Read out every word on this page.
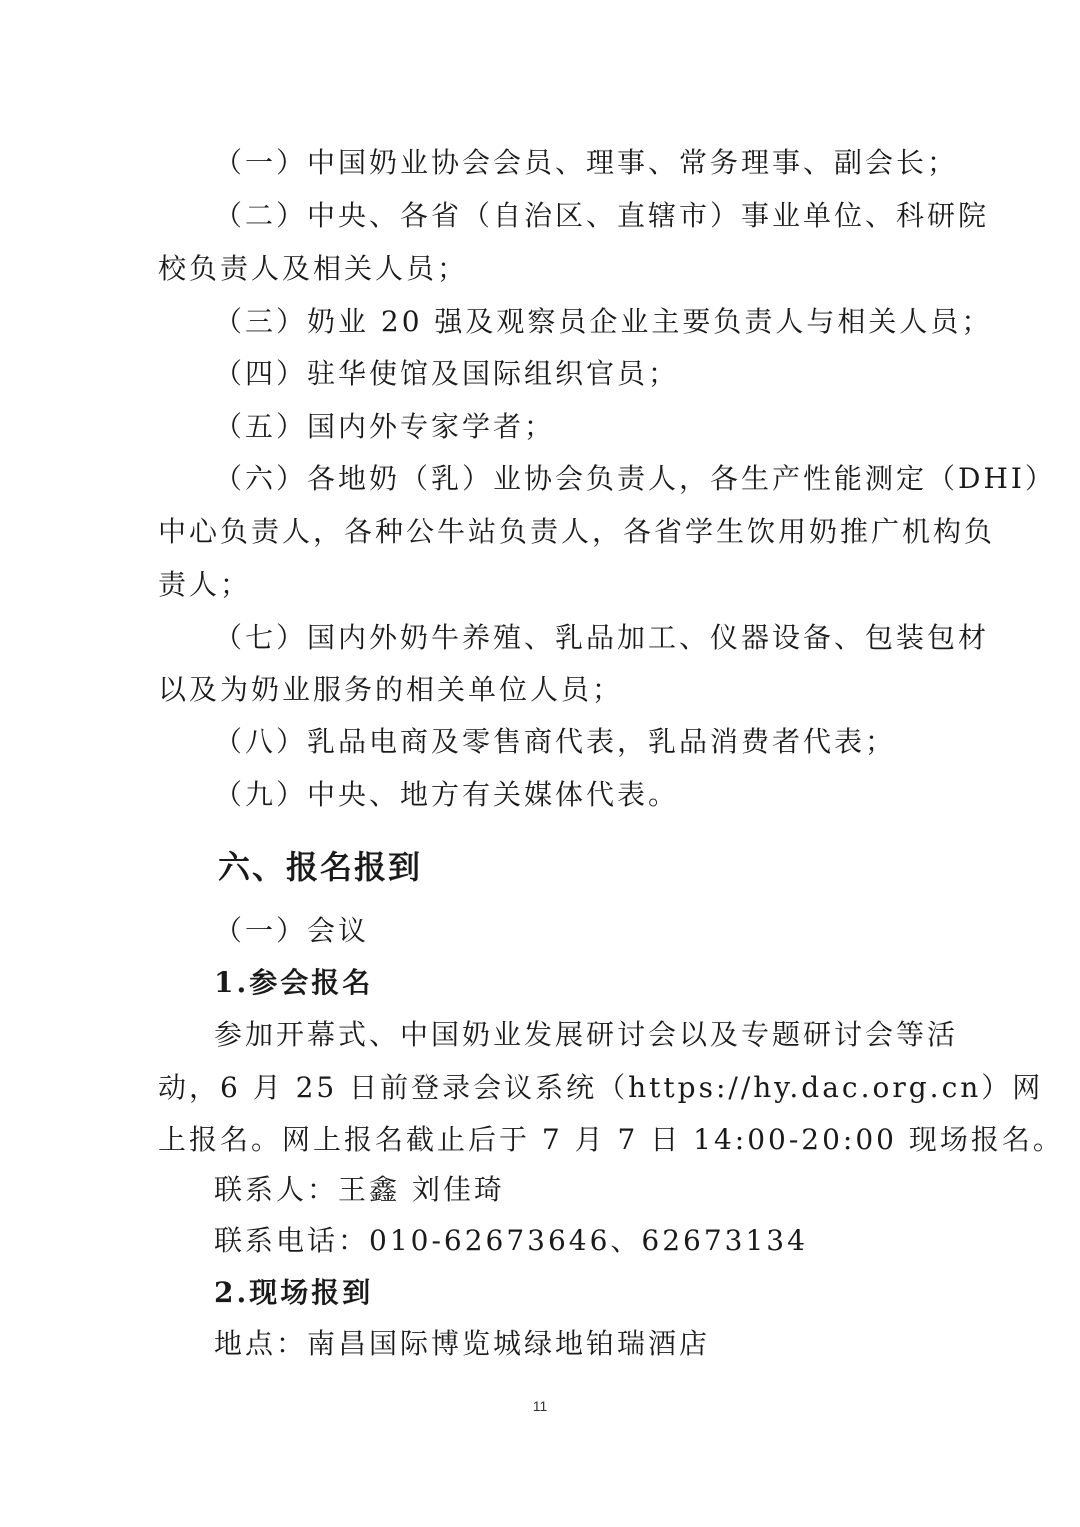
（一）中国奶业协会会员、理事、常务理事、副会长；
（二）中央、各省（自治区、直辖市）事业单位、科研院
校负责人及相关人员；
（三）奶业 20 强及观察员企业主要负责人与相关人员；
（四）驻华使馆及国际组织官员；
（五）国内外专家学者；
（六）各地奶（乳）业协会负责人，各生产性能测定（DHI）
中心负责人，各种公牛站负责人，各省学生饮用奶推广机构负
责人；
（七）国内外奶牛养殖、乳品加工、仪器设备、包装包材
以及为奶业服务的相关单位人员；
（八）乳品电商及零售商代表，乳品消费者代表；
（九）中央、地方有关媒体代表。
六、报名报到
（一）会议
1.参会报名
参加开幕式、中国奶业发展研讨会以及专题研讨会等活
动，6 月 25 日前登录会议系统（https://hy.dac.org.cn）网
上报名。网上报名截止后于 7 月 7 日 14:00-20:00 现场报名。
联系人：王鑫 刘佳琦
联系电话：010-62673646、62673134
2.现场报到
地点：南昌国际博览城绿地铂瑞酒店
11
